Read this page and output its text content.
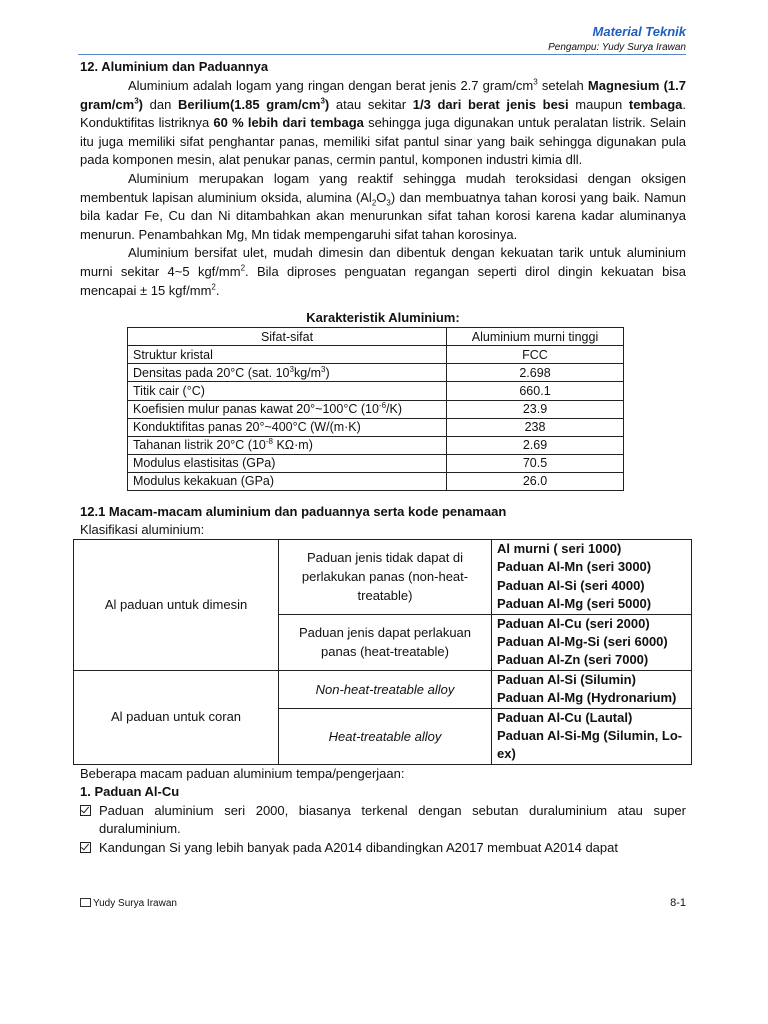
Material Teknik
Pengampu: Yudy Surya Irawan
12. Aluminium dan Paduannya

Aluminium adalah logam yang ringan dengan berat jenis 2.7 gram/$cm^3$ setelah Magnesium (1.7 gram/$cm^3$) dan Berilium(1.85 gram/$cm^3$) atau sekitar 1/3 dari berat jenis besi maupun tembaga. Konduktifitas listriknya 60 % lebih dari tembaga sehingga juga digunakan untuk peralatan listrik. Selain itu juga memiliki sifat penghantar panas, memiliki sifat pantul sinar yang baik sehingga digunakan pula pada komponen mesin, alat penukar panas, cermin pantul, komponen industri kimia dll.

Aluminium merupakan logam yang reaktif sehingga mudah teroksidasi dengan oksigen membentuk lapisan aluminium oksida, alumina $(Al_2O_3)$ dan membuatnya tahan korosi yang baik. Namun bila kadar Fe, Cu dan Ni ditambahkan akan menurunkan sifat tahan korosi karena kadar aluminanya menurun. Penambahkan Mg, Mn tidak mempengaruhi sifat tahan korosinya.

Aluminium bersifat ulet, mudah dimesin dan dibentuk dengan kekuatan tarik untuk aluminium murni sekitar 4~5 kgf/$mm^2$. Bila diproses penguatan regangan seperti dirol dingin kekuatan bisa mencapai ± 15 kgf/$mm^2$.

Karakteristik Aluminium:
Sifat-sifat	Aluminium murni tinggi
Struktur kristal	FCC
Densitas pada 20°C (sat. $10^3kg/m^3$)	2.698
Titik cair (°C)	660.1
Koefisien mulur panas kawat 20°~100°C $(10^{-6}/K)$	23.9
Konduktifitas panas 20°~400°C (W/(m·K)	238
Tahanan listrik 20°C ($10^{-8}$ KΩ·m)	2.69
Modulus elastisitas (GPa)	70.5
Modulus kekakuan (GPa)	26.0
12.1 Macam-macam aluminium dan paduannya serta kode penamaan
Klasifikasi aluminium:
Al paduan untuk dimesin	Paduan jenis tidak dapat di perlakukan panas (non-heat-treatable)	Al murni ( seri 1000)
Paduan Al-Mn (seri 3000)
Paduan Al-Si (seri 4000)
Paduan Al-Mg (seri 5000)

	Paduan jenis dapat perlakuan panas (heat-treatable)	Paduan Al-Cu (seri 2000)
Paduan Al-Mg-Si (seri 6000)
Paduan Al-Zn (seri 7000)

Al paduan untuk coran	Non-heat-treatable alloy	Paduan Al-Si (Silumin)
Paduan Al-Mg (Hydronarium)

	Heat-treatable alloy	Paduan Al-Cu (Lautal)
Paduan Al-Si-Mg (Silumin, Lo-ex)
Beberapa macam paduan aluminium tempa/pengerjaan:
1. Paduan Al-Cu

Paduan aluminium seri 2000, biasanya terkenal dengan sebutan duraluminium atau super duraluminium.

Kandungan Si yang lebih banyak pada A2014 dibandingkan A2017 membuat A2014 dapat

Yudy Surya Irawan	8-1
